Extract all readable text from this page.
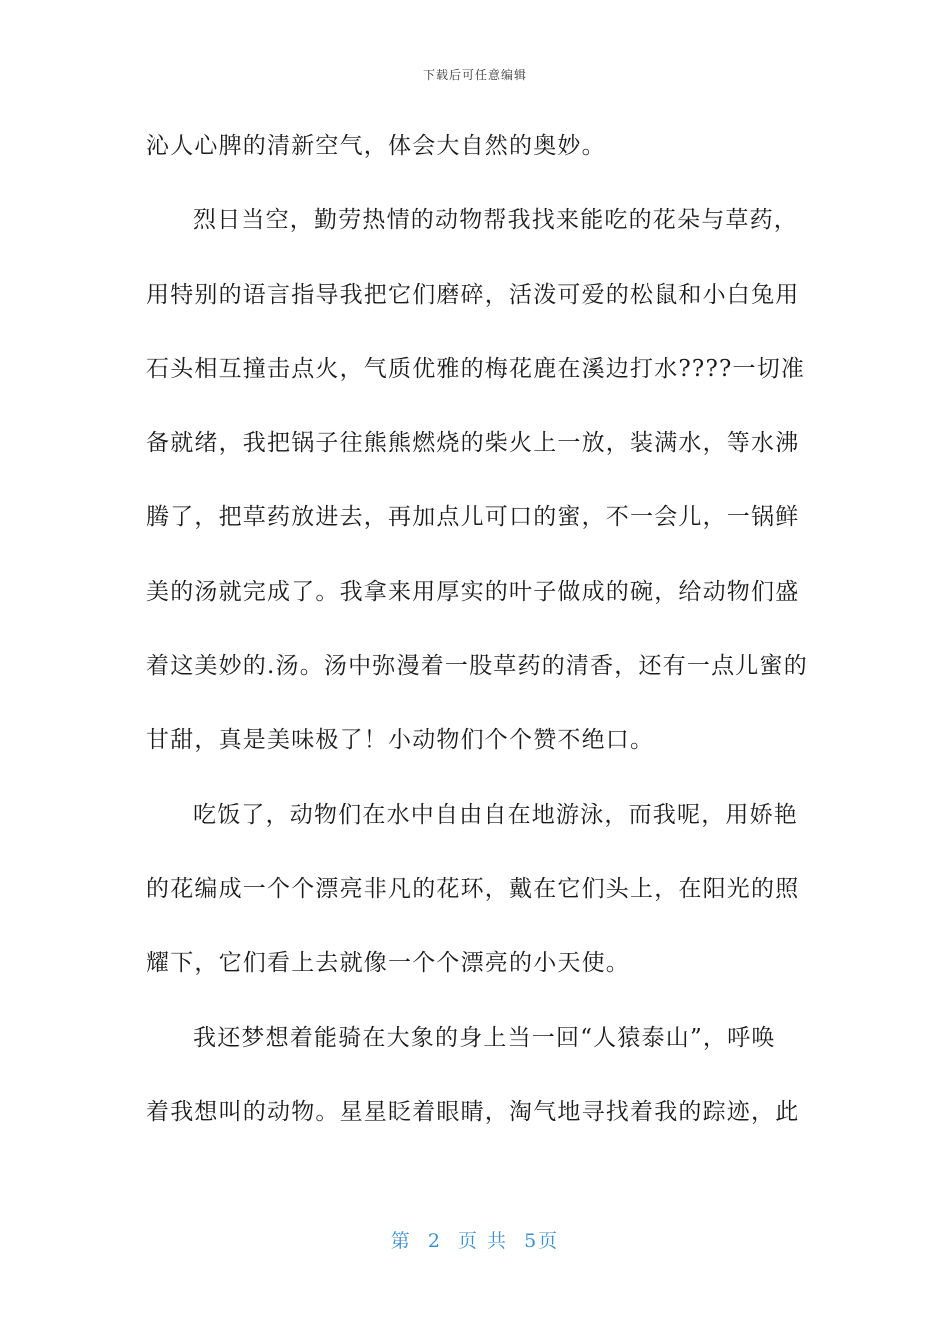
下载后可任意编辑
沁人心脾的清新空气，体会大自然的奥妙。
烈日当空，勤劳热情的动物帮我找来能吃的花朵与草药，
用特别的语言指导我把它们磨碎，活泼可爱的松鼠和小白兔用
石头相互撞击点火，气质优雅的梅花鹿在溪边打水????一切准
备就绪，我把锅子往熊熊燃烧的柴火上一放，装满水，等水沸
腾了，把草药放进去，再加点儿可口的蜜，不一会儿，一锅鲜
美的汤就完成了。我拿来用厚实的叶子做成的碗，给动物们盛
着这美妙的.汤。汤中弥漫着一股草药的清香，还有一点儿蜜的
甘甜，真是美味极了！小动物们个个赞不绝口。
吃饭了，动物们在水中自由自在地游泳，而我呢，用娇艳
的花编成一个个漂亮非凡的花环，戴在它们头上，在阳光的照
耀下，它们看上去就像一个个漂亮的小天使。
我还梦想着能骑在大象的身上当一回“人猿泰山”，呼唤
着我想叫的动物。星星眨着眼睛，淘气地寻找着我的踪迹，此
第 2 页 共 5页
